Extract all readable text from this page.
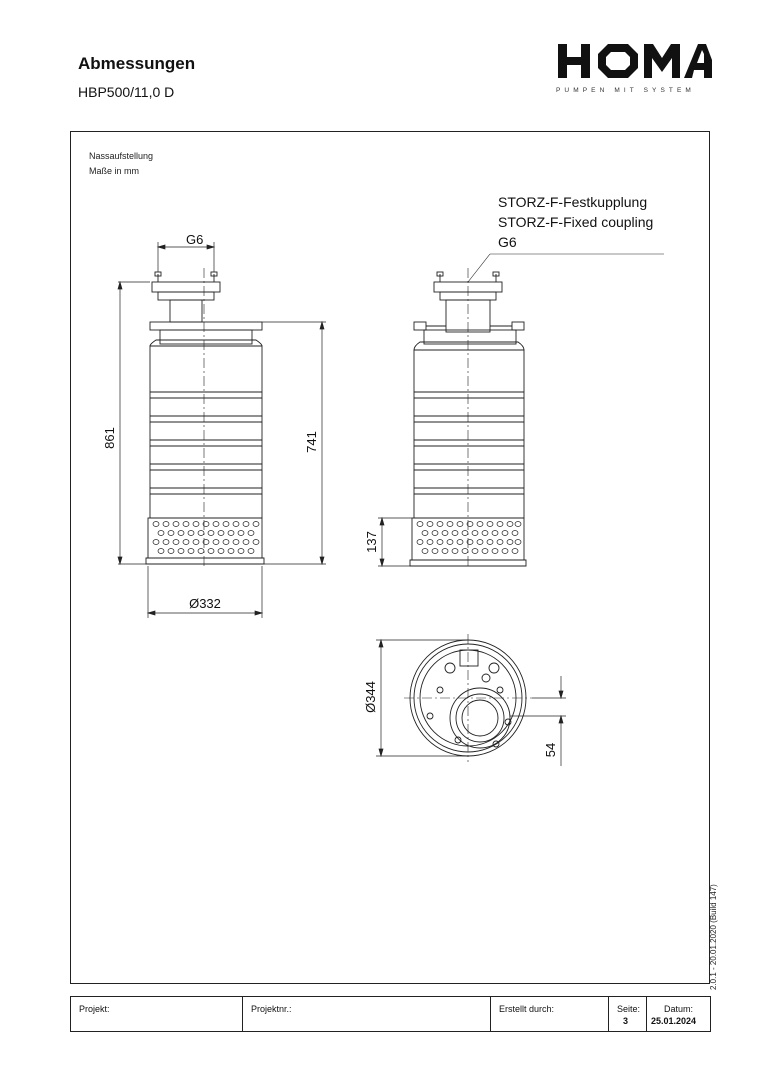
Abmessungen
HBP500/11,0 D	PUMPEN MIT SYSTEM
Nassaufstellung
Maße in mm
G6
861	741
Ø332
137
Ø344
54
STORZ-F-Festkupplung
STORZ-F-Fixed coupling
G6
2.0.1 - 20.01.2020 (Build 147)
Projekt:	Projektnr.:	Erstellt durch:	Seite:
3
Datum:
25.01.2024
